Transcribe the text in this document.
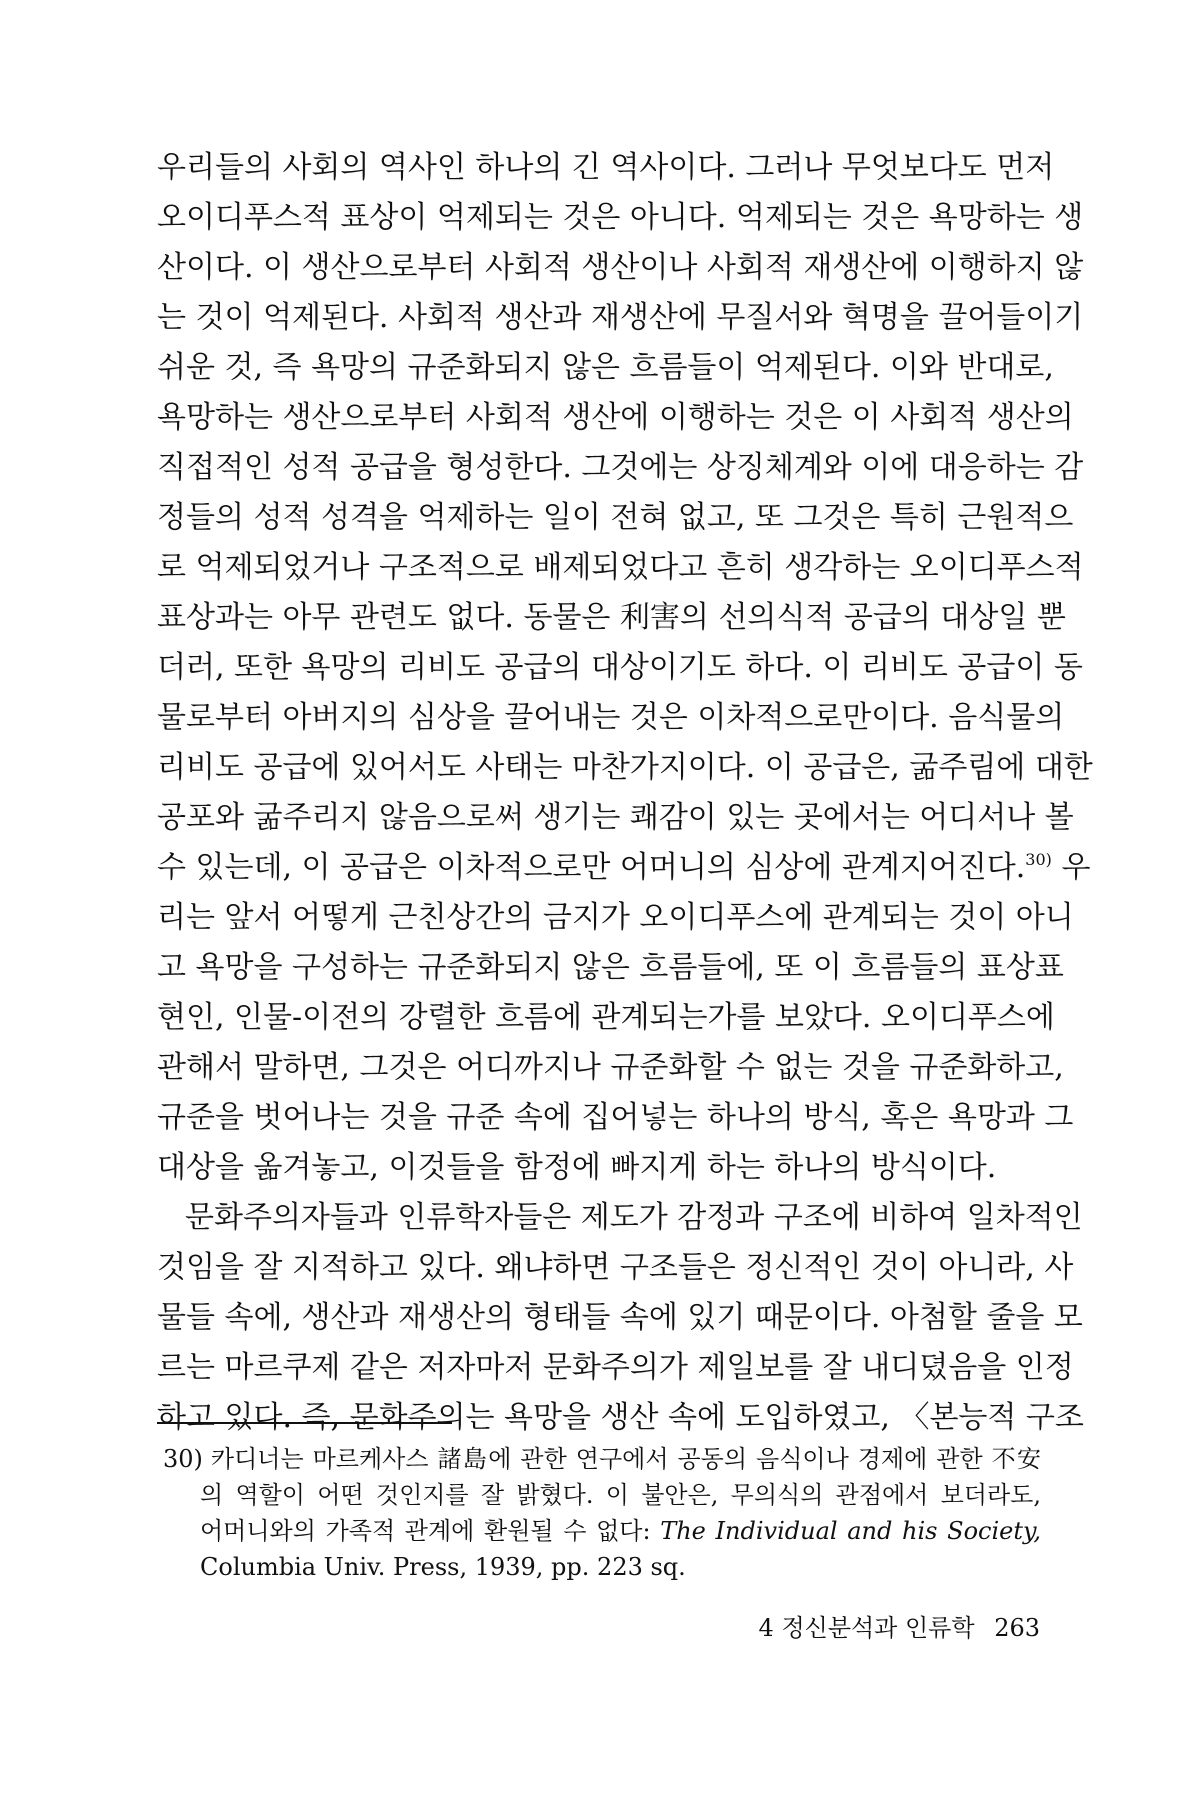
우리들의 사회의 역사인 하나의 긴 역사이다. 그러나 무엇보다도 먼저
오이디푸스적 표상이 억제되는 것은 아니다. 억제되는 것은 욕망하는 생
산이다. 이 생산으로부터 사회적 생산이나 사회적 재생산에 이행하지 않
는 것이 억제된다. 사회적 생산과 재생산에 무질서와 혁명을 끌어들이기
쉬운 것, 즉 욕망의 규준화되지 않은 흐름들이 억제된다. 이와 반대로,
욕망하는 생산으로부터 사회적 생산에 이행하는 것은 이 사회적 생산의
직접적인 성적 공급을 형성한다. 그것에는 상징체계와 이에 대응하는 감
정들의 성적 성격을 억제하는 일이 전혀 없고, 또 그것은 특히 근원적으
로 억제되었거나 구조적으로 배제되었다고 흔히 생각하는 오이디푸스적
표상과는 아무 관련도 없다. 동물은 利害의 선의식적 공급의 대상일 뿐
더러, 또한 욕망의 리비도 공급의 대상이기도 하다. 이 리비도 공급이 동
물로부터 아버지의 심상을 끌어내는 것은 이차적으로만이다. 음식물의
리비도 공급에 있어서도 사태는 마찬가지이다. 이 공급은, 굶주림에 대한
공포와 굶주리지 않음으로써 생기는 쾌감이 있는 곳에서는 어디서나 볼
수 있는데, 이 공급은 이차적으로만 어머니의 심상에 관계지어진다.$^{30)}$ 우
리는 앞서 어떻게 근친상간의 금지가 오이디푸스에 관계되는 것이 아니
고 욕망을 구성하는 규준화되지 않은 흐름들에, 또 이 흐름들의 표상표
현인, 인물-이전의 강렬한 흐름에 관계되는가를 보았다. 오이디푸스에
관해서 말하면, 그것은 어디까지나 규준화할 수 없는 것을 규준화하고,
규준을 벗어나는 것을 규준 속에 집어넣는 하나의 방식, 혹은 욕망과 그
대상을 옮겨놓고, 이것들을 함정에 빠지게 하는 하나의 방식이다.
문화주의자들과 인류학자들은 제도가 감정과 구조에 비하여 일차적인
것임을 잘 지적하고 있다. 왜냐하면 구조들은 정신적인 것이 아니라, 사
물들 속에, 생산과 재생산의 형태들 속에 있기 때문이다. 아첨할 줄을 모
르는 마르쿠제 같은 저자마저 문화주의가 제일보를 잘 내디뎠음을 인정
하고 있다. 즉, 문화주의는 욕망을 생산 속에 도입하였고, 〈본능적 구조
30) 카디너는 마르케사스 諸島에 관한 연구에서 공동의 음식이나 경제에 관한 不安
의 역할이 어떤 것인지를 잘 밝혔다. 이 불안은, 무의식의 관점에서 보더라도,
어머니와의 가족적 관계에 환원될 수 없다: The Individual and his Society,
Columbia Univ. Press, 1939, pp. 223 sq.
4 정신분석과 인류학 263
